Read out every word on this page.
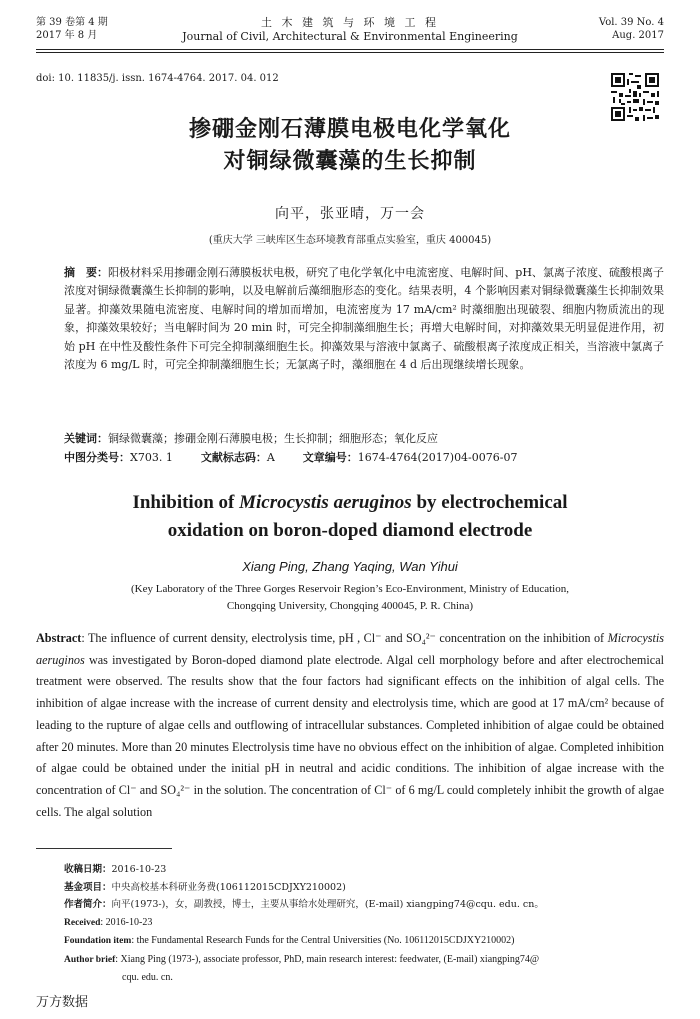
第 39 卷第 4 期
2017 年 8 月
土 木 建 筑 与 环 境 工 程
Journal of Civil, Architectural & Environmental Engineering
Vol. 39 No. 4
Aug. 2017
doi: 10. 11835/j. issn. 1674-4764. 2017. 04. 012
掺硼金刚石薄膜电极电化学氧化
对铜绿微囊藻的生长抑制
向平，张亚晴，万一会
(重庆大学 三峡库区生态环境教育部重点实验室，重庆 400045)
摘　要：阳极材料采用掺硼金刚石薄膜板状电极，研究了电化学氧化中电流密度、电解时间、pH、氯离子浓度、硫酸根离子浓度对铜绿微囊藻生长抑制的影响，以及电解前后藻细胞形态的变化。结果表明，4 个影响因素对铜绿微囊藻生长抑制效果显著。抑藻效果随电流密度、电解时间的增加而增加，电流密度为 17 mA/cm² 时藻细胞出现破裂、细胞内物质流出的现象，抑藻效果较好；当电解时间为 20 min 时，可完全抑制藻细胞生长；再增大电解时间，对抑藻效果无明显促进作用，初始 pH 在中性及酸性条件下可完全抑制藻细胞生长。抑藻效果与溶液中氯离子、硫酸根离子浓度成正相关，当溶液中氯离子浓度为 6 mg/L 时，可完全抑制藻细胞生长；无氯离子时，藻细胞在 4 d 后出现继续增长现象。
关键词：铜绿微囊藻；掺硼金刚石薄膜电极；生长抑制；细胞形态；氧化反应
中图分类号：X703. 1	文献标志码：A	文章编号：1674-4764(2017)04-0076-07
Inhibition of Microcystis aeruginos by electrochemical
oxidation on boron-doped diamond electrode
Xiang Ping, Zhang Yaqing, Wan Yihui
(Key Laboratory of the Three Gorges Reservoir Region’s Eco-Environment, Ministry of Education,
Chongqing University, Chongqing 400045, P. R. China)
Abstract: The influence of current density, electrolysis time, pH , Cl⁻ and SO₄²⁻ concentration on the inhibition of Microcystis aeruginos was investigated by Boron-doped diamond plate electrode. Algal cell morphology before and after electrochemical treatment were observed. The results show that the four factors had significant effects on the inhibition of algal cells. The inhibition of algae increase with the increase of current density and electrolysis time, which are good at 17 mA/cm² because of leading to the rupture of algae cells and outflowing of intracellular substances. Completed inhibition of algae could be obtained after 20 minutes. More than 20 minutes Electrolysis time have no obvious effect on the inhibition of algae. Completed inhibition of algae could be obtained under the initial pH in neutral and acidic conditions. The inhibition of algae increase with the concentration of Cl⁻ and SO₄²⁻ in the solution. The concentration of Cl⁻ of 6 mg/L could completely inhibit the growth of algae cells. The algal solution

收稿日期：2016-10-23

基金项目：中央高校基本科研业务费(106112015CDJXY210002)

作者简介：向平(1973-)，女，副教授，博士，主要从事给水处理研究，(E-mail) xiangping74@cqu. edu. cn。

Received: 2016-10-23

Foundation item: the Fundamental Research Funds for the Central Universities (No. 106112015CDJXY210002)

Author brief: Xiang Ping (1973-), associate professor, PhD, main research interest: feedwater, (E-mail) xiangping74@

cqu. edu. cn.

万方数据
